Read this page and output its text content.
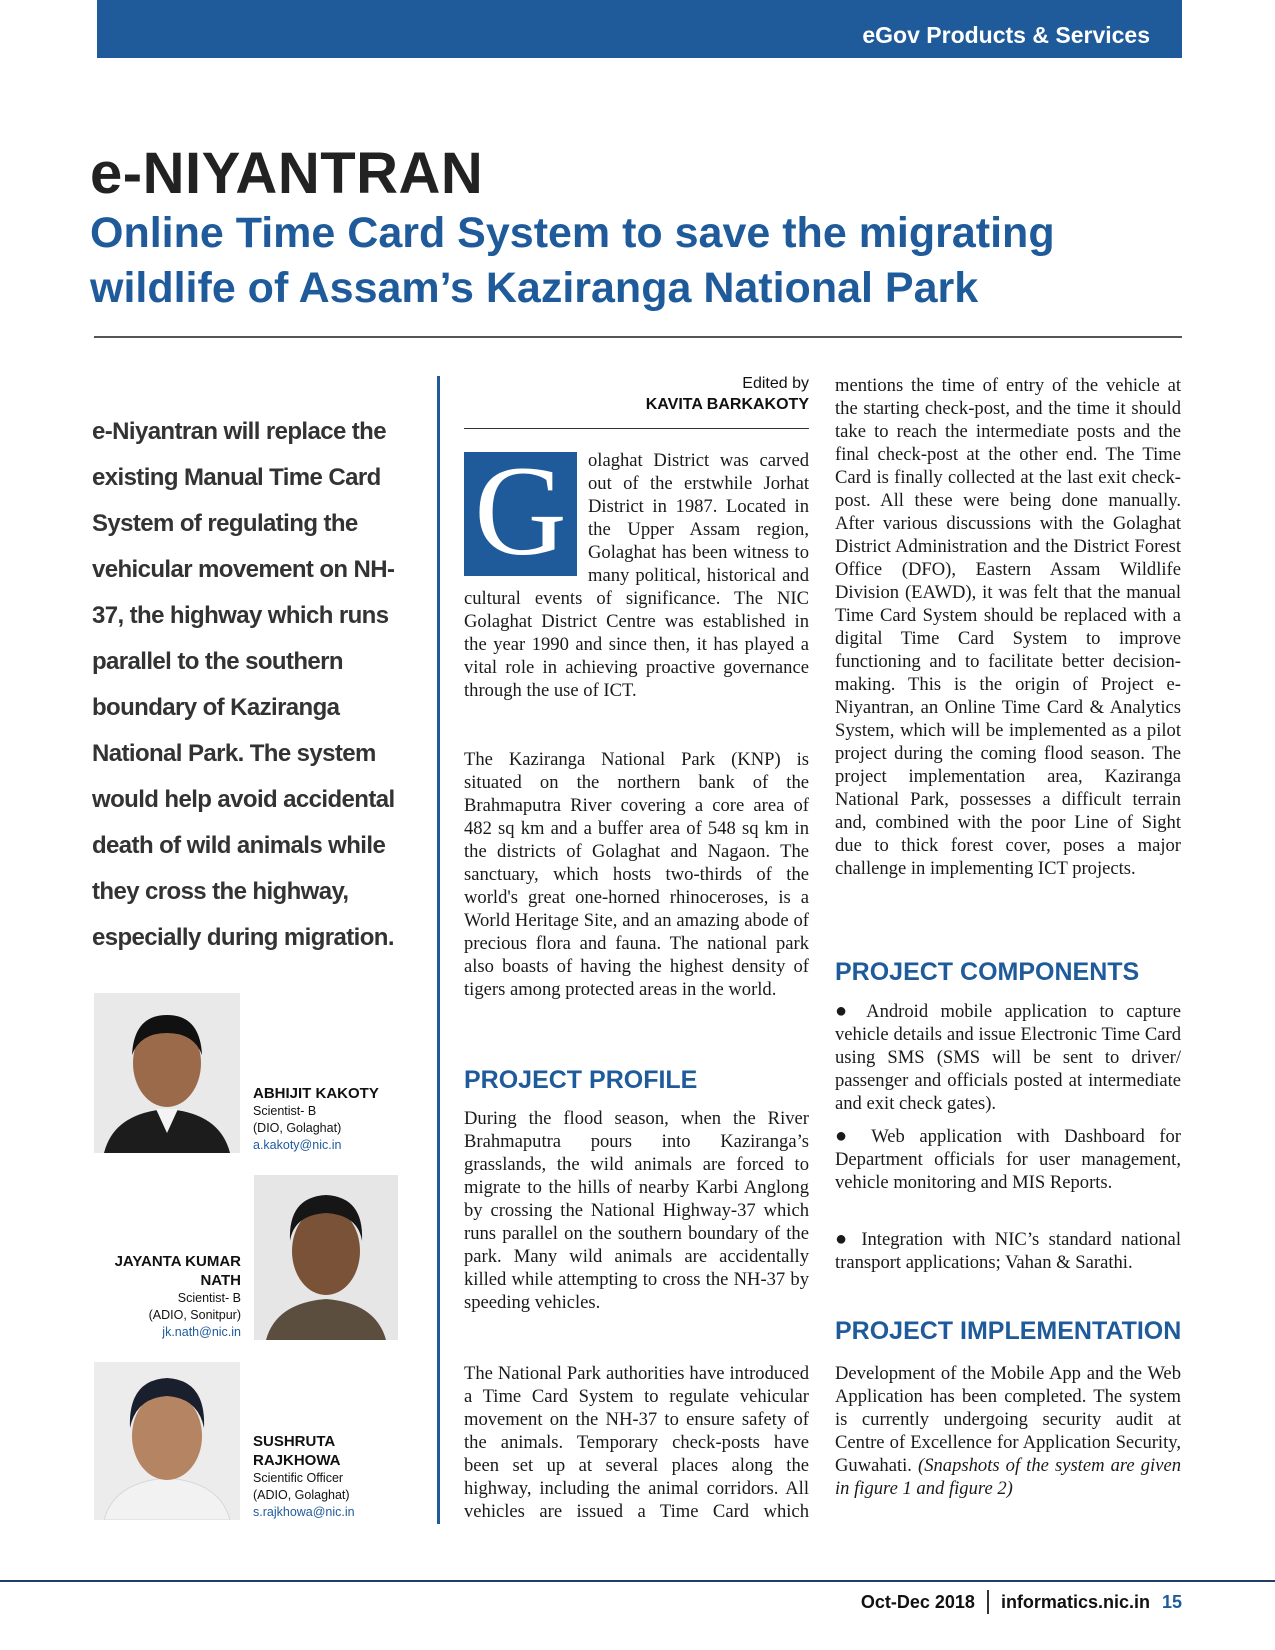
eGov Products & Services
e-NIYANTRAN
Online Time Card System to save the migrating wildlife of Assam’s Kaziranga National Park

e-Niyantran will replace the existing Manual Time Card System of regulating the vehicular movement on NH-37, the highway which runs parallel to the southern boundary of Kaziranga National Park. The system would help avoid accidental death of wild animals while they cross the highway, especially during migration.

ABHIJIT KAKOTY
Scientist- B
(DIO, Golaghat)
a.kakoty@nic.in
JAYANTA KUMAR NATH
Scientist- B
(ADIO, Sonitpur)
jk.nath@nic.in
SUSHRUTA RAJKHOWA
Scientific Officer
(ADIO, Golaghat)
s.rajkhowa@nic.in
Edited by
KAVITA BARKAKOTY
G	olaghat District was carved out of the erstwhile Jorhat District in 1987. Located in the Upper Assam region, Golaghat has been witness to many political, historical and cultural events of significance. The NIC Golaghat District Centre was established in the year 1990 and since then, it has played a vital role in achieving proactive governance through the use of ICT.

The Kaziranga National Park (KNP) is situated on the northern bank of the Brahmaputra River covering a core area of 482 sq km and a buffer area of 548 sq km in the districts of Golaghat and Nagaon. The sanctuary, which hosts two-thirds of the world's great one-horned rhinoceroses, is a World Heritage Site, and an amazing abode of precious flora and fauna. The national park also boasts of having the highest density of tigers among protected areas in the world.

PROJECT PROFILE

During the flood season, when the River Brahmaputra pours into Kaziranga’s grasslands, the wild animals are forced to migrate to the hills of nearby Karbi Anglong by crossing the National Highway-37 which runs parallel on the southern boundary of the park. Many wild animals are accidentally killed while attempting to cross the NH-37 by speeding vehicles.

The National Park authorities have introduced a Time Card System to regulate vehicular movement on the NH-37 to ensure safety of the animals. Temporary check-posts have been set up at several places along the highway, including the animal corridors. All vehicles are issued a Time Card which

mentions the time of entry of the vehicle at the starting check-post, and the time it should take to reach the intermediate posts and the final check-post at the other end. The Time Card is finally collected at the last exit check-post. All these were being done manually. After various discussions with the Golaghat District Administration and the District Forest Office (DFO), Eastern Assam Wildlife Division (EAWD), it was felt that the manual Time Card System should be replaced with a digital Time Card System to improve functioning and to facilitate better decision-making. This is the origin of Project e-Niyantran, an Online Time Card & Analytics System, which will be implemented as a pilot project during the coming flood season. The project implementation area, Kaziranga National Park, possesses a difficult terrain and, combined with the poor Line of Sight due to thick forest cover, poses a major challenge in implementing ICT projects.

PROJECT COMPONENTS

● Android mobile application to capture vehicle details and issue Electronic Time Card using SMS (SMS will be sent to driver/ passenger and officials posted at intermediate and exit check gates).

● Web application with Dashboard for Department officials for user management, vehicle monitoring and MIS Reports.

● Integration with NIC’s standard national transport applications; Vahan & Sarathi.

PROJECT IMPLEMENTATION

Development of the Mobile App and the Web Application has been completed. The system is currently undergoing security audit at Centre of Excellence for Application Security, Guwahati. (Snapshots of the system are given in figure 1 and figure 2)

Oct-Dec 2018 informatics.nic.in 15
